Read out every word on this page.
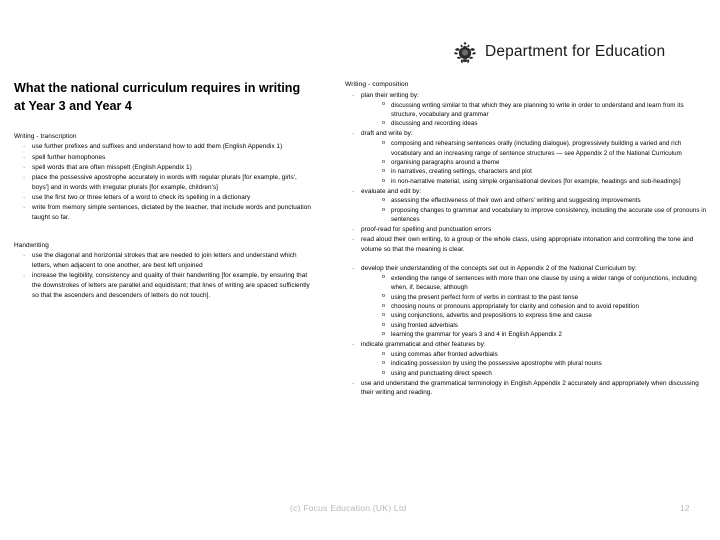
Department for Education
What the national curriculum requires in writing at Year 3 and Year 4
Writing - transcription
· use further prefixes and suffixes and understand how to add them (English Appendix 1)
· spell further homophones
· spell words that are often misspelt (English Appendix 1)
· place the possessive apostrophe accurately in words with regular plurals [for example, girls', boys'] and in words with irregular plurals [for example, children's]
· use the first two or three letters of a word to check its spelling in a dictionary
· write from memory simple sentences, dictated by the teacher, that include words and punctuation taught so far.
Handwriting
· use the diagonal and horizontal strokes that are needed to join letters and understand which letters, when adjacent to one another, are best left unjoined
· increase the legibility, consistency and quality of their handwriting [for example, by ensuring that the downstrokes of letters are parallel and equidistant; that lines of writing are spaced sufficiently so that the ascenders and descenders of letters do not touch].
Writing - composition
· plan their writing by:
o discussing writing similar to that which they are planning to write in order to understand and learn from its structure, vocabulary and grammar
o discussing and recording ideas
· draft and write by:
o composing and rehearsing sentences orally (including dialogue), progressively building a varied and rich vocabulary and an increasing range of sentence structures — see Appendix 2 of the National Curriculum
o organising paragraphs around a theme
o in narratives, creating settings, characters and plot
o in non-narrative material, using simple organisational devices [for example, headings and sub-headings]
· evaluate and edit by:
o assessing the effectiveness of their own and others' writing and suggesting improvements
o proposing changes to grammar and vocabulary to improve consistency, including the accurate use of pronouns in sentences
· proof-read for spelling and punctuation errors
· read aloud their own writing, to a group or the whole class, using appropriate intonation and controlling the tone and volume so that the meaning is clear.
· develop their understanding of the concepts set out in Appendix 2 of the National Curriculum by:
o extending the range of sentences with more than one clause by using a wider range of conjunctions, including when, if, because, although
o using the present perfect form of verbs in contrast to the past tense
o choosing nouns or pronouns appropriately for clarity and cohesion and to avoid repetition
o using conjunctions, adverbs and prepositions to express time and cause
o using fronted adverbials
o learning the grammar for years 3 and 4 in English Appendix 2
· indicate grammatical and other features by:
o using commas after fronted adverbials
o indicating possession by using the possessive apostrophe with plural nouns
o using and punctuating direct speech
· use and understand the grammatical terminology in English Appendix 2 accurately and appropriately when discussing their writing and reading.
(c) Focus Education (UK) Ltd	12
